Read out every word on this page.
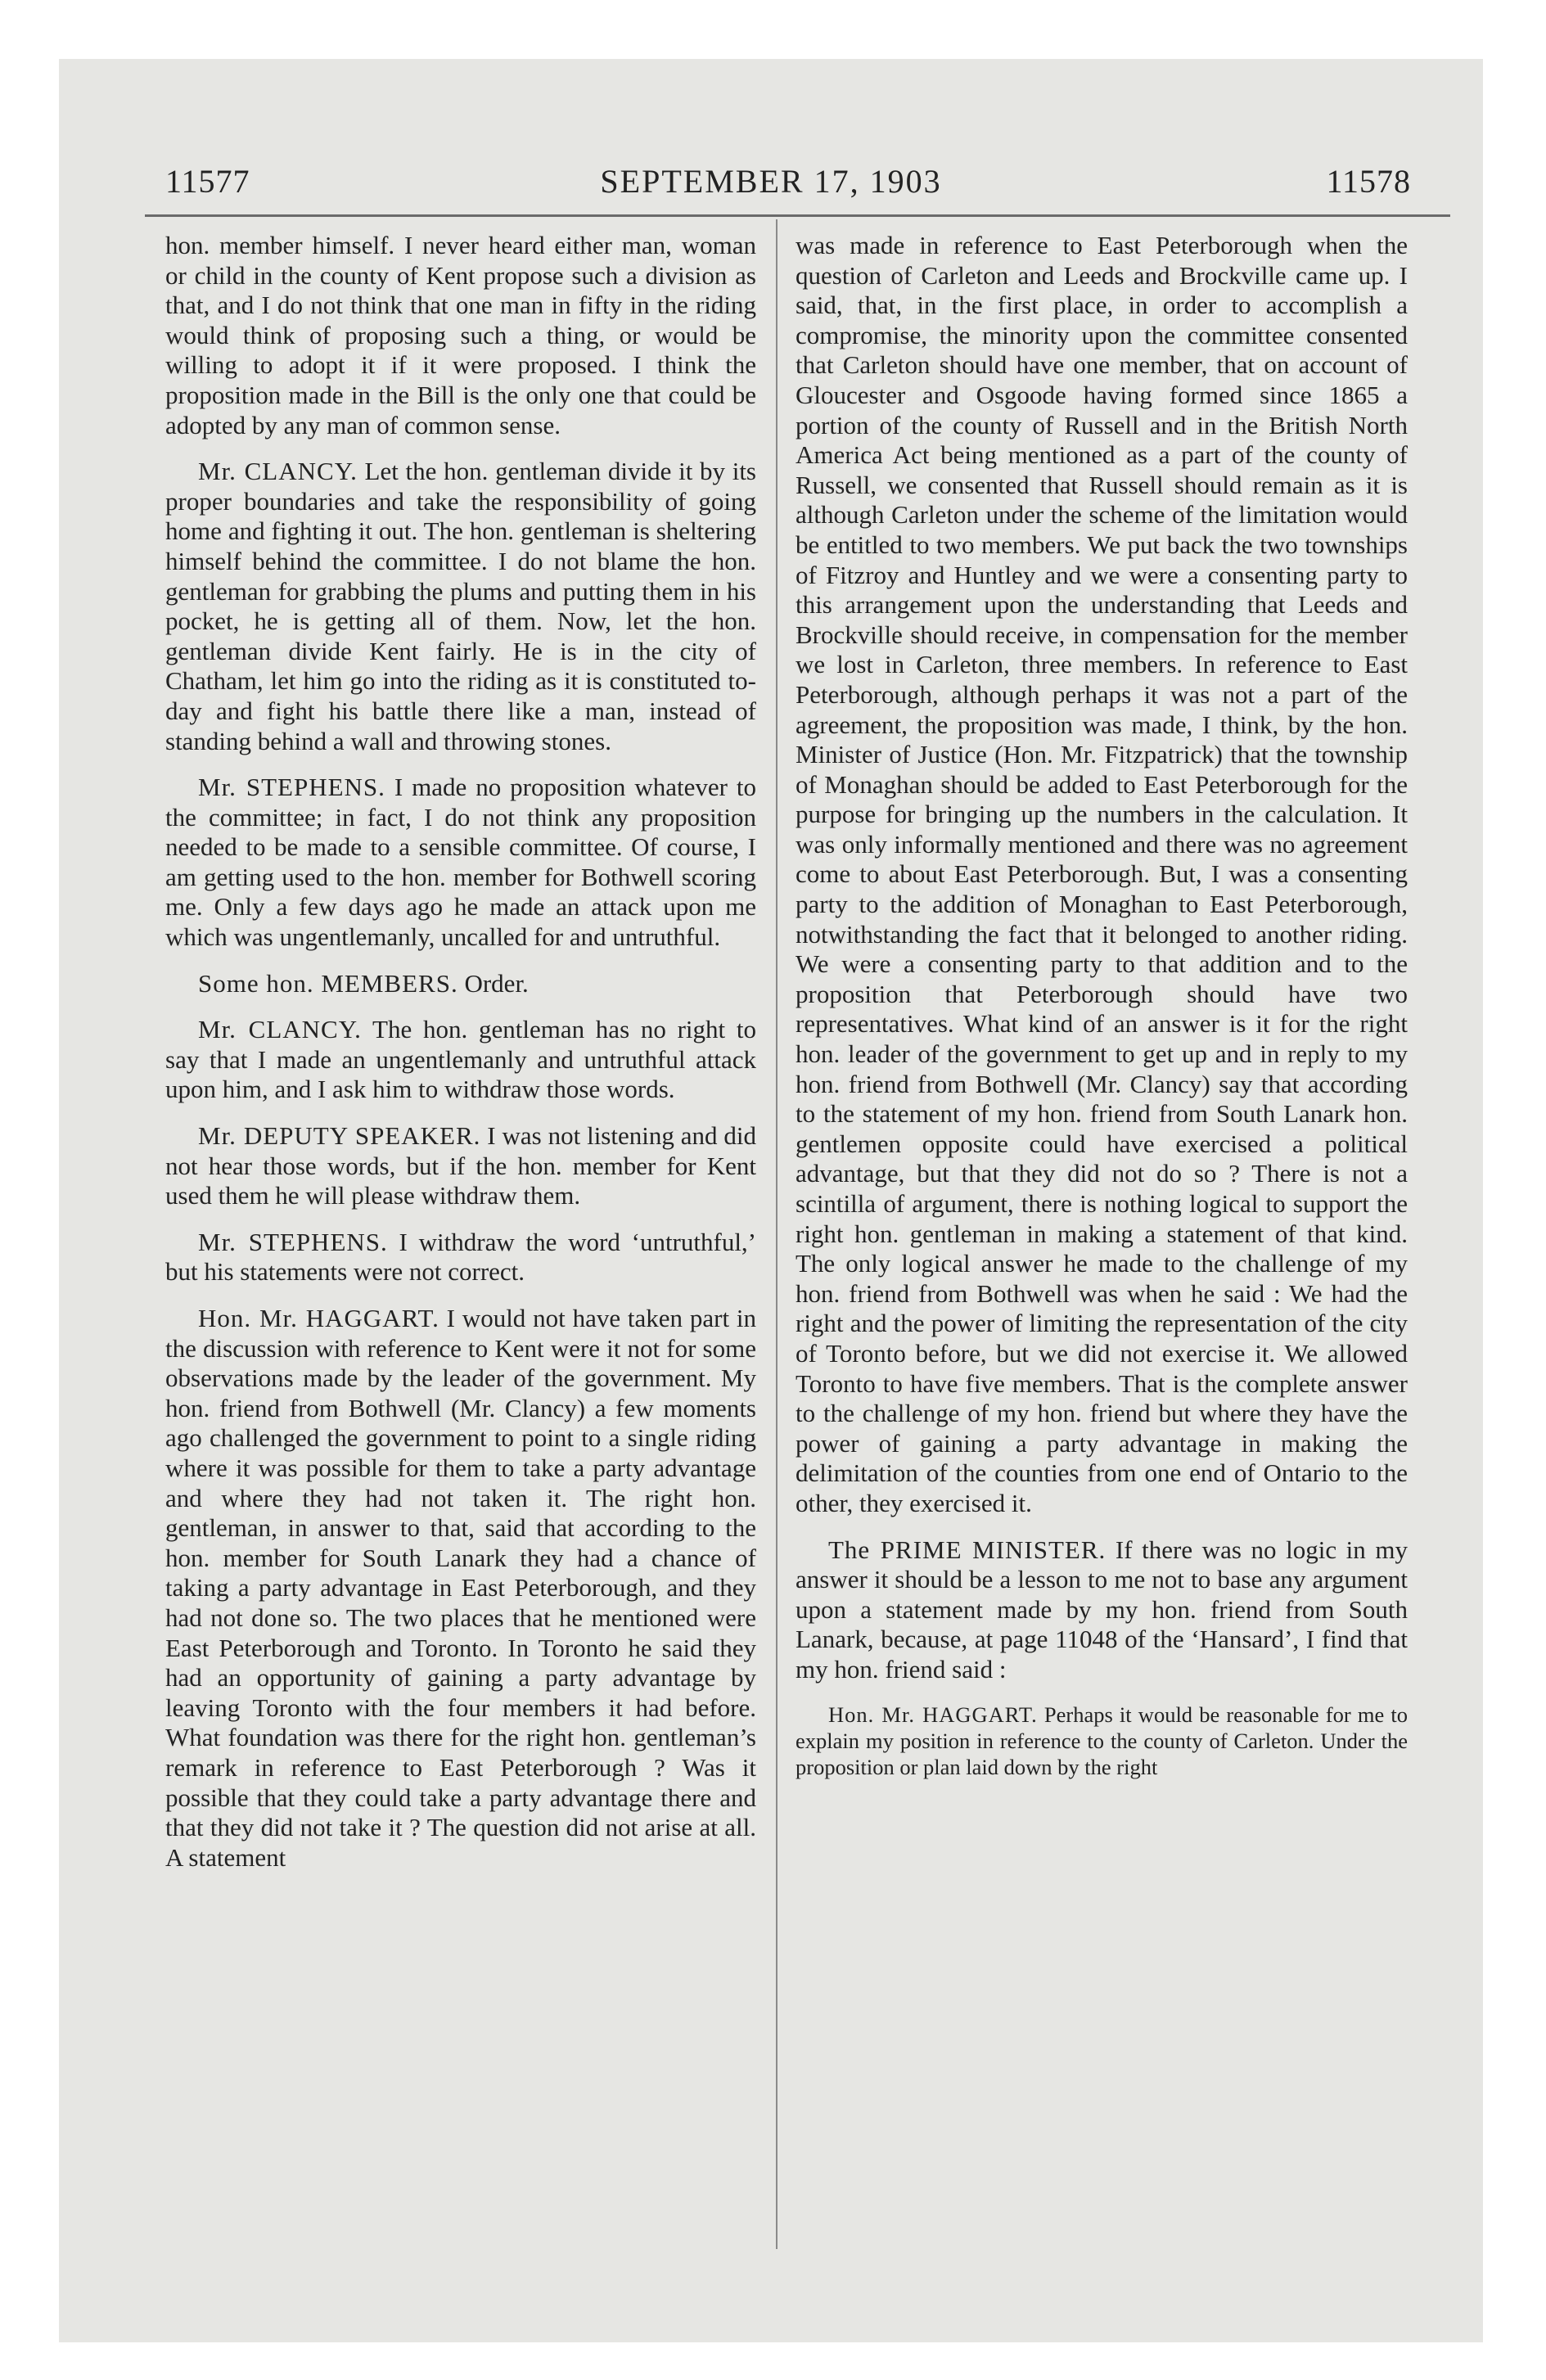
11577	SEPTEMBER 17, 1903	11578

hon. member himself. I never heard either man, woman or child in the county of Kent propose such a division as that, and I do not think that one man in fifty in the riding would think of proposing such a thing, or would be willing to adopt it if it were proposed. I think the proposition made in the Bill is the only one that could be adopted by any man of common sense.

Mr. CLANCY. Let the hon. gentleman divide it by its proper boundaries and take the responsibility of going home and fighting it out. The hon. gentleman is sheltering himself behind the committee. I do not blame the hon. gentleman for grabbing the plums and putting them in his pocket, he is getting all of them. Now, let the hon. gentleman divide Kent fairly. He is in the city of Chatham, let him go into the riding as it is constituted to-day and fight his battle there like a man, instead of standing behind a wall and throwing stones.

Mr. STEPHENS. I made no proposition whatever to the committee; in fact, I do not think any proposition needed to be made to a sensible committee. Of course, I am getting used to the hon. member for Bothwell scoring me. Only a few days ago he made an attack upon me which was ungentlemanly, uncalled for and untruthful.

Some hon. MEMBERS. Order.

Mr. CLANCY. The hon. gentleman has no right to say that I made an ungentlemanly and untruthful attack upon him, and I ask him to withdraw those words.

Mr. DEPUTY SPEAKER. I was not listening and did not hear those words, but if the hon. member for Kent used them he will please withdraw them.

Mr. STEPHENS. I withdraw the word ‘untruthful,’ but his statements were not correct.

Hon. Mr. HAGGART. I would not have taken part in the discussion with reference to Kent were it not for some observations made by the leader of the government. My hon. friend from Bothwell (Mr. Clancy) a few moments ago challenged the government to point to a single riding where it was possible for them to take a party advantage and where they had not taken it. The right hon. gentleman, in answer to that, said that according to the hon. member for South Lanark they had a chance of taking a party advantage in East Peterborough, and they had not done so. The two places that he mentioned were East Peterborough and Toronto. In Toronto he said they had an opportunity of gaining a party advantage by leaving Toronto with the four members it had before. What foundation was there for the right hon. gentleman’s remark in reference to East Peterborough ? Was it possible that they could take a party advantage there and that they did not take it ? The question did not arise at all. A statement

was made in reference to East Peterborough when the question of Carleton and Leeds and Brockville came up. I said, that, in the first place, in order to accomplish a compromise, the minority upon the committee consented that Carleton should have one member, that on account of Gloucester and Osgoode having formed since 1865 a portion of the county of Russell and in the British North America Act being mentioned as a part of the county of Russell, we consented that Russell should remain as it is although Carleton under the scheme of the limitation would be entitled to two members. We put back the two townships of Fitzroy and Huntley and we were a consenting party to this arrangement upon the understanding that Leeds and Brockville should receive, in compensation for the member we lost in Carleton, three members. In reference to East Peterborough, although perhaps it was not a part of the agreement, the proposition was made, I think, by the hon. Minister of Justice (Hon. Mr. Fitzpatrick) that the township of Monaghan should be added to East Peterborough for the purpose for bringing up the numbers in the calculation. It was only informally mentioned and there was no agreement come to about East Peterborough. But, I was a consenting party to the addition of Monaghan to East Peterborough, notwithstanding the fact that it belonged to another riding. We were a consenting party to that addition and to the proposition that Peterborough should have two representatives. What kind of an answer is it for the right hon. leader of the government to get up and in reply to my hon. friend from Bothwell (Mr. Clancy) say that according to the statement of my hon. friend from South Lanark hon. gentlemen opposite could have exercised a political advantage, but that they did not do so ? There is not a scintilla of argument, there is nothing logical to support the right hon. gentleman in making a statement of that kind. The only logical answer he made to the challenge of my hon. friend from Bothwell was when he said : We had the right and the power of limiting the representation of the city of Toronto before, but we did not exercise it. We allowed Toronto to have five members. That is the complete answer to the challenge of my hon. friend but where they have the power of gaining a party advantage in making the delimitation of the counties from one end of Ontario to the other, they exercised it.

The PRIME MINISTER. If there was no logic in my answer it should be a lesson to me not to base any argument upon a statement made by my hon. friend from South Lanark, because, at page 11048 of the ‘Hansard’, I find that my hon. friend said :

Hon. Mr. HAGGART. Perhaps it would be reasonable for me to explain my position in reference to the county of Carleton. Under the proposition or plan laid down by the right
